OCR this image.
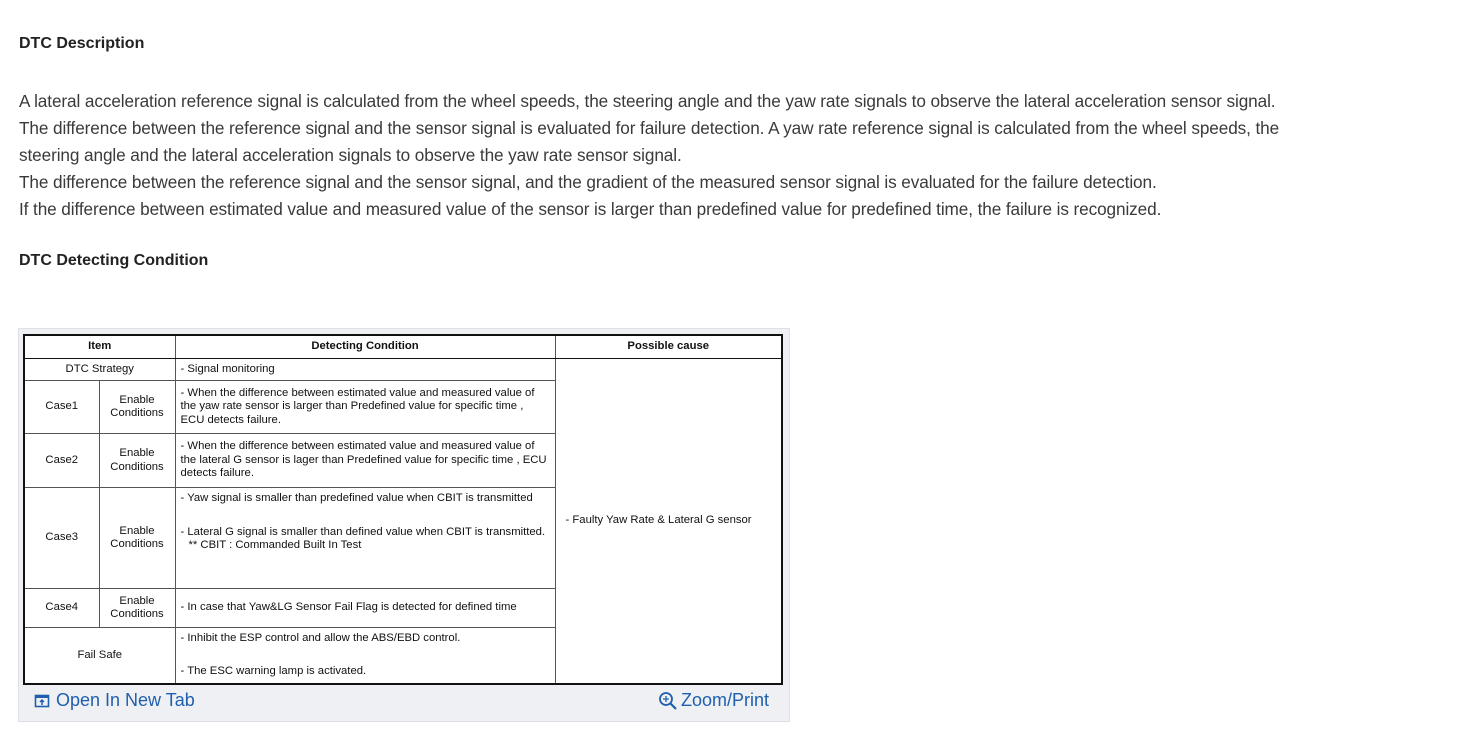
DTC Description
A lateral acceleration reference signal is calculated from the wheel speeds, the steering angle and the yaw rate signals to observe the lateral acceleration sensor signal.
The difference between the reference signal and the sensor signal is evaluated for failure detection. A yaw rate reference signal is calculated from the wheel speeds, the
steering angle and the lateral acceleration signals to observe the yaw rate sensor signal.
The difference between the reference signal and the sensor signal, and the gradient of the measured sensor signal is evaluated for the failure detection.
If the difference between estimated value and measured value of the sensor is larger than predefined value for predefined time, the failure is recognized.
DTC Detecting Condition
Item		Detecting Condition	Possible cause
DTC Strategy		- Signal monitoring	- Faulty Yaw Rate & Lateral G sensor
Case1	Enable Conditions	- When the difference between estimated value and measured value of the yaw rate sensor is larger than Predefined value for specific time , ECU detects failure.	
Case2	Enable Conditions	- When the difference between estimated value and measured value of the lateral G sensor is lager than Predefined value for specific time , ECU detects failure.	
Case3	Enable Conditions	- Yaw signal is smaller than predefined value when CBIT is transmitted
- Lateral G signal is smaller than defined value when CBIT is transmitted.
** CBIT : Commanded Built In Test	

Case4	Enable Conditions	- In case that Yaw&LG Sensor Fail Flag is detected for defined time	
Fail Safe		- Inhibit the ESP control and allow the ABS/EBD control.
- The ESC warning lamp is activated.	
Open In New Tab	Zoom/Print
